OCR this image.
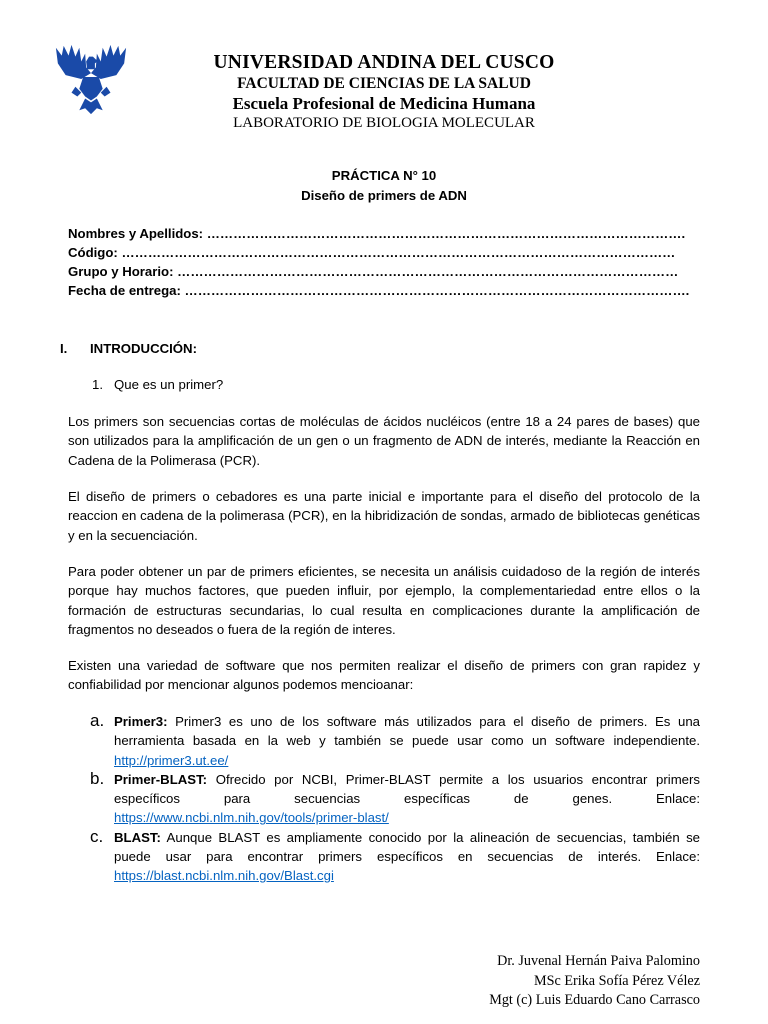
UNIVERSIDAD ANDINA DEL CUSCO
FACULTAD DE CIENCIAS DE LA SALUD
Escuela Profesional de Medicina Humana
LABORATORIO DE BIOLOGIA MOLECULAR
PRÁCTICA N° 10
Diseño de primers de ADN
Nombres y Apellidos: ……………………………………………………………………………………………….
Código: ………………………………………………………………………………………………………………
Grupo y Horario: ……………………………………………………………………………………………………
Fecha de entrega: …………………………………………………………………………………………………….
I. INTRODUCCIÓN:
1. Que es un primer?
Los primers son secuencias cortas de moléculas de ácidos nucléicos (entre 18 a 24 pares de bases) que son utilizados para la amplificación de un gen o un fragmento de ADN de interés, mediante la Reacción en Cadena de la Polimerasa (PCR).
El diseño de primers o cebadores es una parte inicial e importante para el diseño del protocolo de la reaccion en cadena de la polimerasa (PCR), en la hibridización de sondas, armado de bibliotecas genéticas y en la secuenciación.
Para poder obtener un par de primers eficientes, se necesita un análisis cuidadoso de la región de interés porque hay muchos factores, que pueden influir, por ejemplo, la complementariedad entre ellos o la formación de estructuras secundarias, lo cual resulta en complicaciones durante la amplificación de fragmentos no deseados o fuera de la región de interes.
Existen una variedad de software que nos permiten realizar el diseño de primers con gran rapidez y confiabilidad por mencionar algunos podemos mencioanar:
a. Primer3: Primer3 es uno de los software más utilizados para el diseño de primers. Es una herramienta basada en la web y también se puede usar como un software independiente. http://primer3.ut.ee/
b. Primer-BLAST: Ofrecido por NCBI, Primer-BLAST permite a los usuarios encontrar primers específicos para secuencias específicas de genes. Enlace: https://www.ncbi.nlm.nih.gov/tools/primer-blast/
c. BLAST: Aunque BLAST es ampliamente conocido por la alineación de secuencias, también se puede usar para encontrar primers específicos en secuencias de interés. Enlace: https://blast.ncbi.nlm.nih.gov/Blast.cgi
Dr. Juvenal Hernán Paiva Palomino
MSc Erika Sofía Pérez Vélez
Mgt (c) Luis Eduardo Cano Carrasco
